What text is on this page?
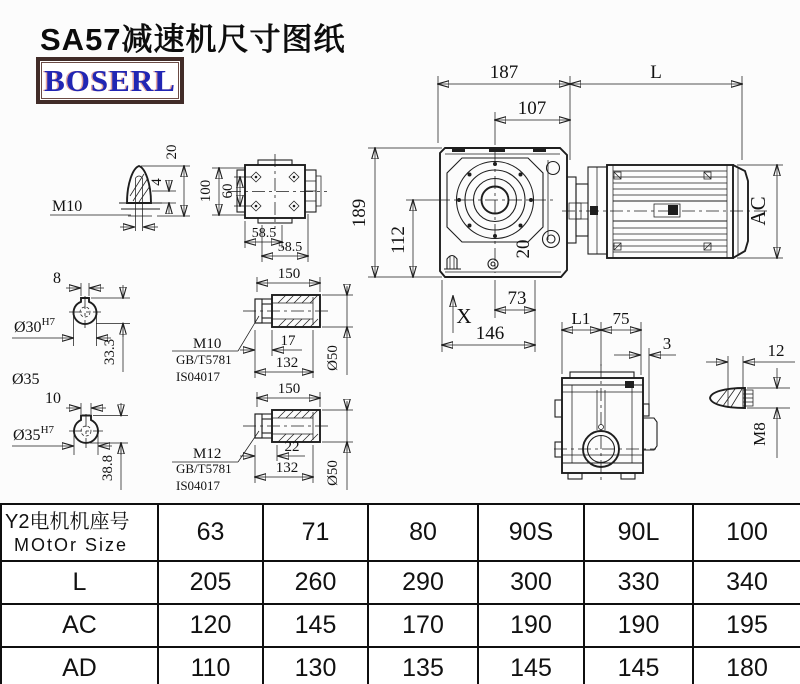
SA57减速机尺寸图纸
BOSERL
M10
4
20
100 60
58.5
58.5
8
$Ø30^{H7}$
33.3
Ø35
10
$Ø35^{H7}$
38.8
150
M10
GB/T5781
IS04017
17
132 Ø50
150
M12
GB/T5781
IS04017
22
132 Ø50
187	L
107
189
112	20
AC
73
146
X	L1 75
3	12
M8
Y2电机机座号
MOtOr Size	63	71	80	90S	90L	100
L	205	260	290	300	330	340
AC	120	145	170	190	190	195
AD	110	130	135	145	145	180
